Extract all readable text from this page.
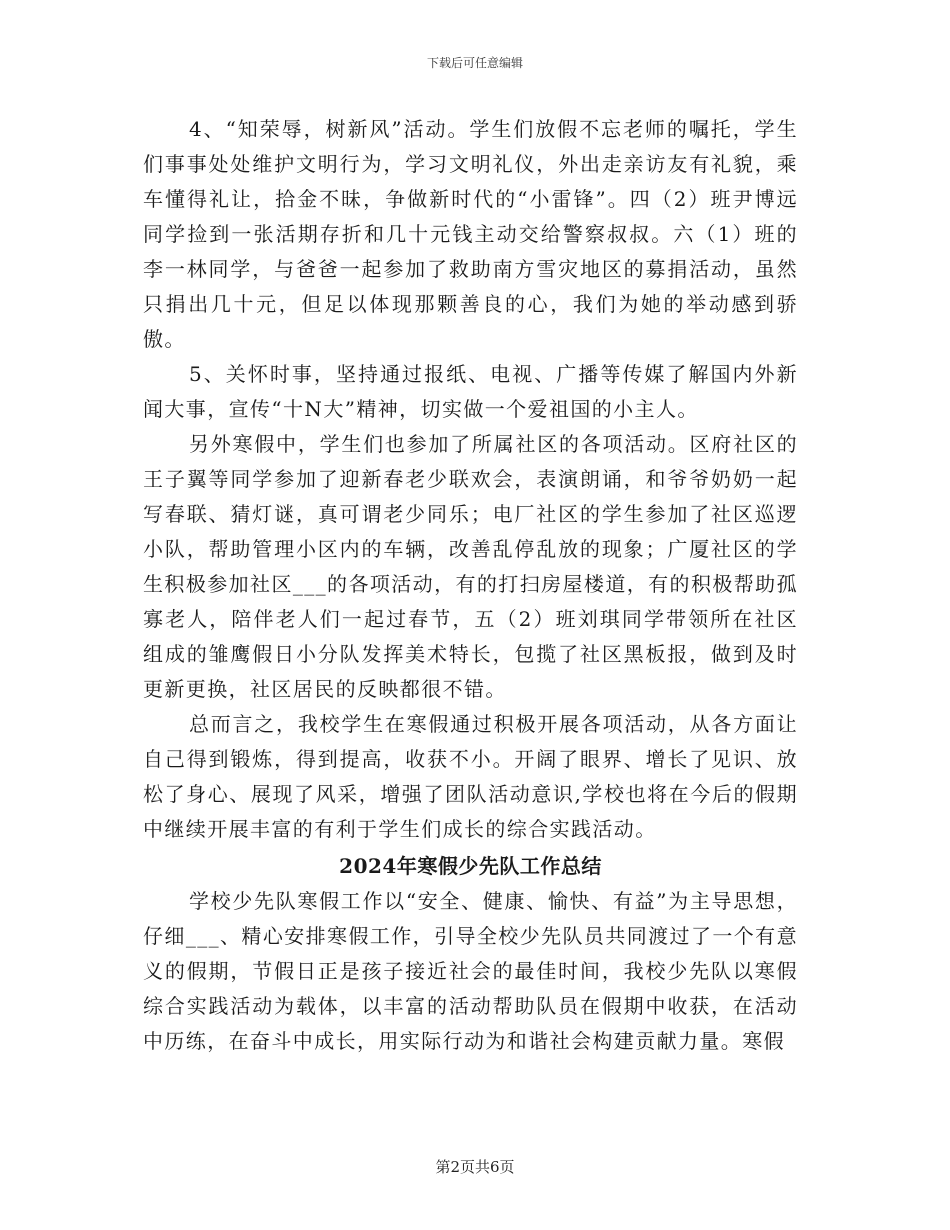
下载后可任意编辑

4、“知荣辱，树新风”活动。学生们放假不忘老师的嘱托，学生们事事处处维护文明行为，学习文明礼仪，外出走亲访友有礼貌，乘车懂得礼让，拾金不昧，争做新时代的“小雷锋”。四（2）班尹博远同学捡到一张活期存折和几十元钱主动交给警察叔叔。六（1）班的李一林同学，与爸爸一起参加了救助南方雪灾地区的募捐活动，虽然只捐出几十元，但足以体现那颗善良的心，我们为她的举动感到骄傲。

5、关怀时事，坚持通过报纸、电视、广播等传媒了解国内外新闻大事，宣传“十N大”精神，切实做一个爱祖国的小主人。

另外寒假中，学生们也参加了所属社区的各项活动。区府社区的王子翼等同学参加了迎新春老少联欢会，表演朗诵，和爷爷奶奶一起写春联、猜灯谜，真可谓老少同乐；电厂社区的学生参加了社区巡逻小队，帮助管理小区内的车辆，改善乱停乱放的现象；广厦社区的学生积极参加社区___的各项活动，有的打扫房屋楼道，有的积极帮助孤寡老人，陪伴老人们一起过春节，五（2）班刘琪同学带领所在社区组成的雏鹰假日小分队发挥美术特长，包揽了社区黑板报，做到及时更新更换，社区居民的反映都很不错。

总而言之，我校学生在寒假通过积极开展各项活动，从各方面让自己得到锻炼，得到提高，收获不小。开阔了眼界、增长了见识、放松了身心、展现了风采，增强了团队活动意识,学校也将在今后的假期中继续开展丰富的有利于学生们成长的综合实践活动。

2024年寒假少先队工作总结

学校少先队寒假工作以“安全、健康、愉快、有益”为主导思想，仔细___、精心安排寒假工作，引导全校少先队员共同渡过了一个有意义的假期，节假日正是孩子接近社会的最佳时间，我校少先队以寒假综合实践活动为载体，以丰富的活动帮助队员在假期中收获，在活动中历练，在奋斗中成长，用实际行动为和谐社会构建贡献力量。寒假

第2页共6页
